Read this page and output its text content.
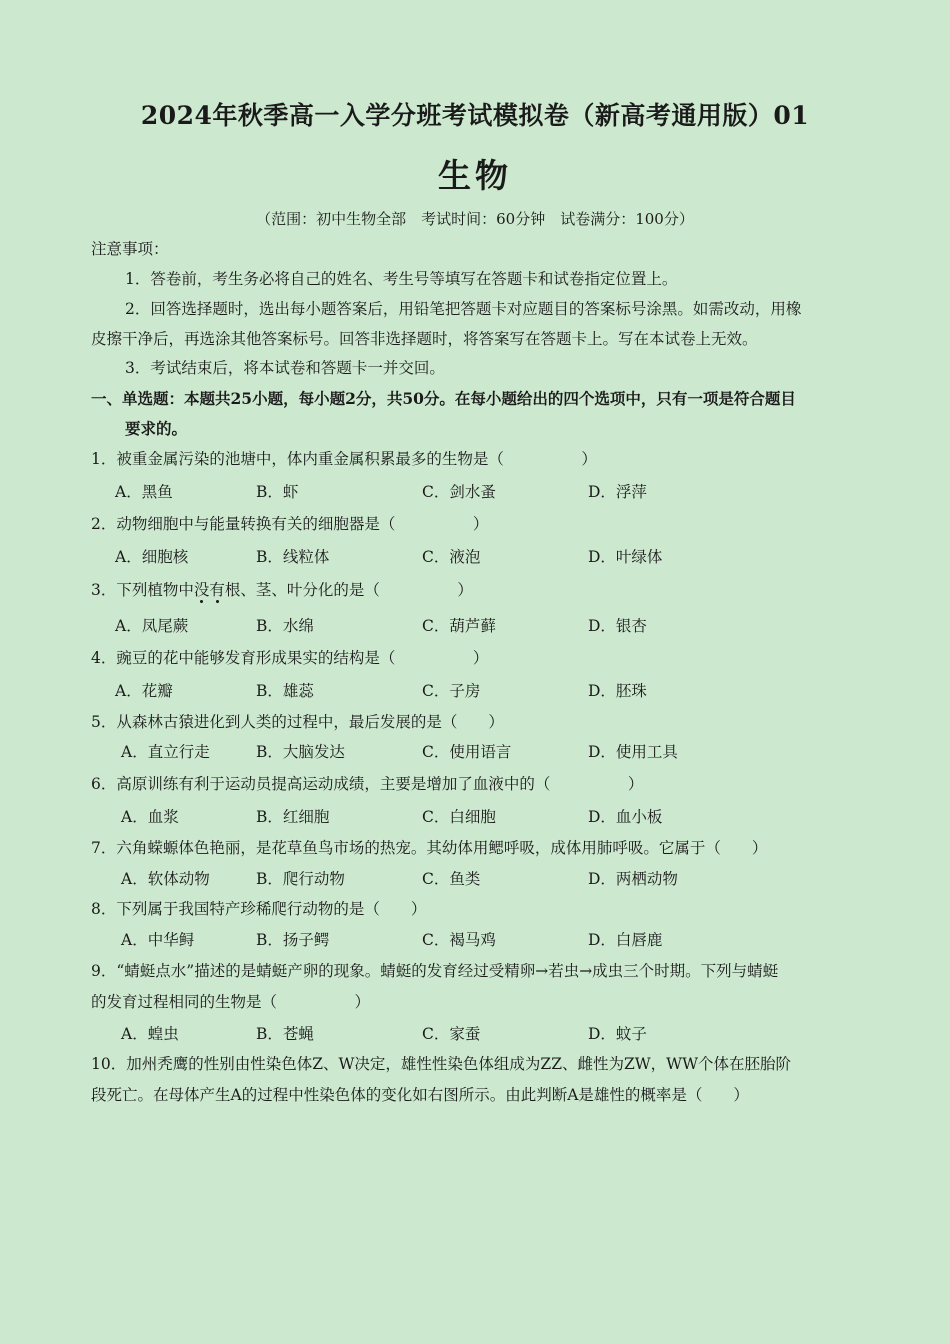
2024年秋季高一入学分班考试模拟卷（新高考通用版）01
生物
（范围：初中生物全部　考试时间：60分钟　试卷满分：100分）
注意事项：
1．答卷前，考生务必将自己的姓名、考生号等填写在答题卡和试卷指定位置上。
2．回答选择题时，选出每小题答案后，用铅笔把答题卡对应题目的答案标号涂黑。如需改动，用橡
皮擦干净后，再选涂其他答案标号。回答非选择题时，将答案写在答题卡上。写在本试卷上无效。
3．考试结束后，将本试卷和答题卡一并交回。
一、单选题：本题共25小题，每小题2分，共50分。在每小题给出的四个选项中，只有一项是符合题目
要求的。
1．被重金属污染的池塘中，体内重金属积累最多的生物是（　　　　　）
A．黑鱼	B．虾	C．剑水蚤	D．浮萍
2．动物细胞中与能量转换有关的细胞器是（　　　　　）
A．细胞核	B．线粒体	C．液泡	D．叶绿体
3．下列植物中没有根、茎、叶分化的是（　　　　　）
A．凤尾蕨	B．水绵	C．葫芦藓	D．银杏
4．豌豆的花中能够发育形成果实的结构是（　　　　　）
A．花瓣	B．雄蕊	C．子房	D．胚珠
5．从森林古猿进化到人类的过程中，最后发展的是（　　）
A．直立行走	B．大脑发达	C．使用语言	D．使用工具
6．高原训练有利于运动员提高运动成绩，主要是增加了血液中的（　　　　　）
A．血浆	B．红细胞	C．白细胞	D．血小板
7．六角蝾螈体色艳丽，是花草鱼鸟市场的热宠。其幼体用鳃呼吸，成体用肺呼吸。它属于（　　）
A．软体动物	B．爬行动物	C．鱼类	D．两栖动物
8．下列属于我国特产珍稀爬行动物的是（　　）
A．中华鲟	B．扬子鳄	C．褐马鸡	D．白唇鹿
9．“蜻蜓点水”描述的是蜻蜓产卵的现象。蜻蜓的发育经过受精卵→若虫→成虫三个时期。下列与蜻蜓
的发育过程相同的生物是（　　　　　）
A．蝗虫	B．苍蝇	C．家蚕	D．蚊子
10．加州秃鹰的性别由性染色体Z、W决定，雄性性染色体组成为ZZ、雌性为ZW，WW个体在胚胎阶
段死亡。在母体产生A的过程中性染色体的变化如右图所示。由此判断A是雄性的概率是（　　）
